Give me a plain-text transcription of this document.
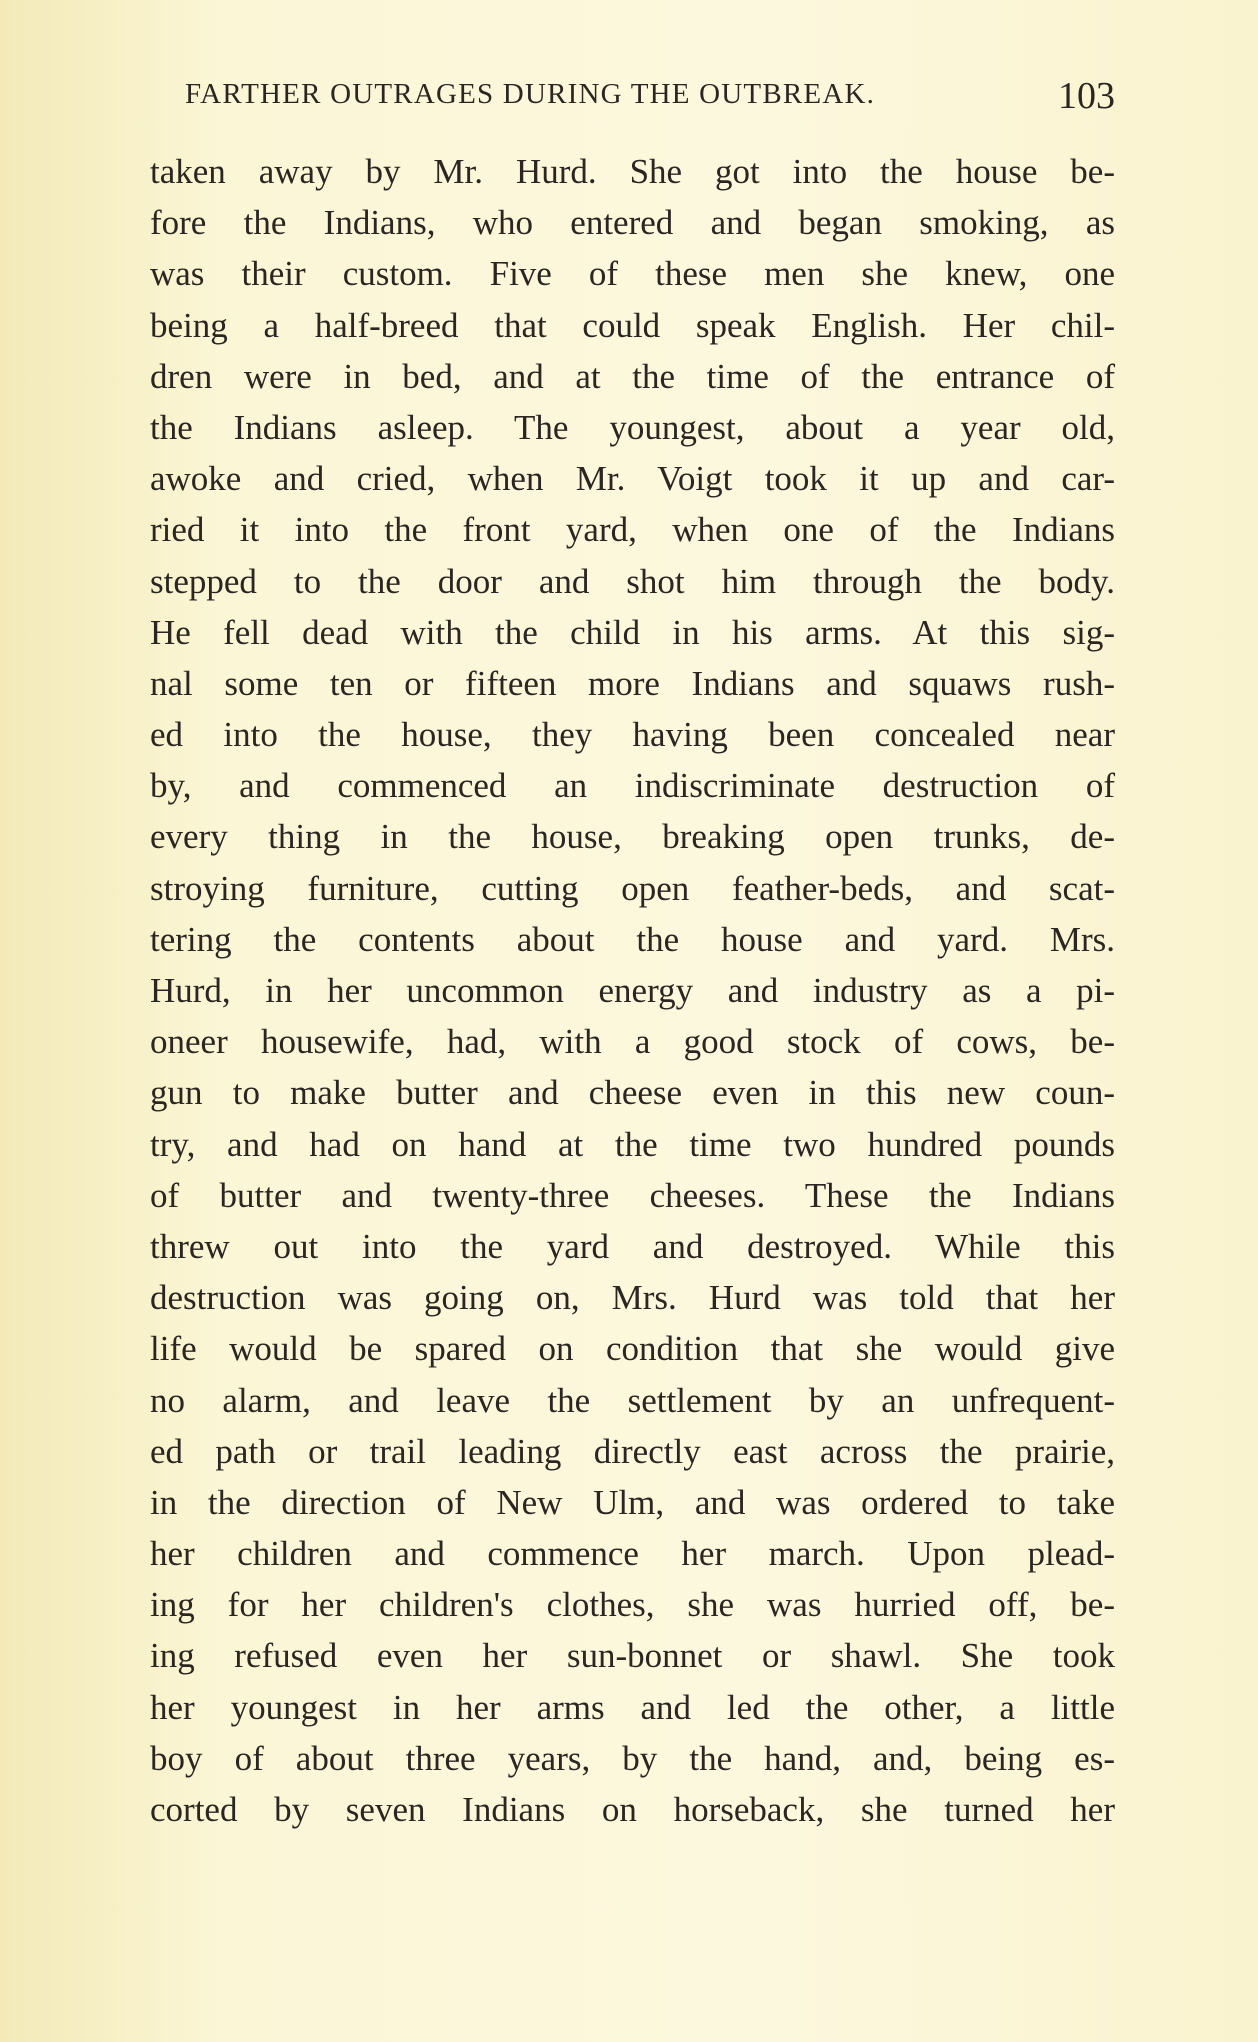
FARTHER OUTRAGES DURING THE OUTBREAK.	103
taken away by Mr. Hurd. She got into the house be-
fore the Indians, who entered and began smoking, as
was their custom. Five of these men she knew, one
being a half-breed that could speak English. Her chil-
dren were in bed, and at the time of the entrance of
the Indians asleep. The youngest, about a year old,
awoke and cried, when Mr. Voigt took it up and car-
ried it into the front yard, when one of the Indians
stepped to the door and shot him through the body.
He fell dead with the child in his arms. At this sig-
nal some ten or fifteen more Indians and squaws rush-
ed into the house, they having been concealed near
by, and commenced an indiscriminate destruction of
every thing in the house, breaking open trunks, de-
stroying furniture, cutting open feather-beds, and scat-
tering the contents about the house and yard. Mrs.
Hurd, in her uncommon energy and industry as a pi-
oneer housewife, had, with a good stock of cows, be-
gun to make butter and cheese even in this new coun-
try, and had on hand at the time two hundred pounds
of butter and twenty-three cheeses. These the Indians
threw out into the yard and destroyed. While this
destruction was going on, Mrs. Hurd was told that her
life would be spared on condition that she would give
no alarm, and leave the settlement by an unfrequent-
ed path or trail leading directly east across the prairie,
in the direction of New Ulm, and was ordered to take
her children and commence her march. Upon plead-
ing for her children's clothes, she was hurried off, be-
ing refused even her sun-bonnet or shawl. She took
her youngest in her arms and led the other, a little
boy of about three years, by the hand, and, being es-
corted by seven Indians on horseback, she turned her
